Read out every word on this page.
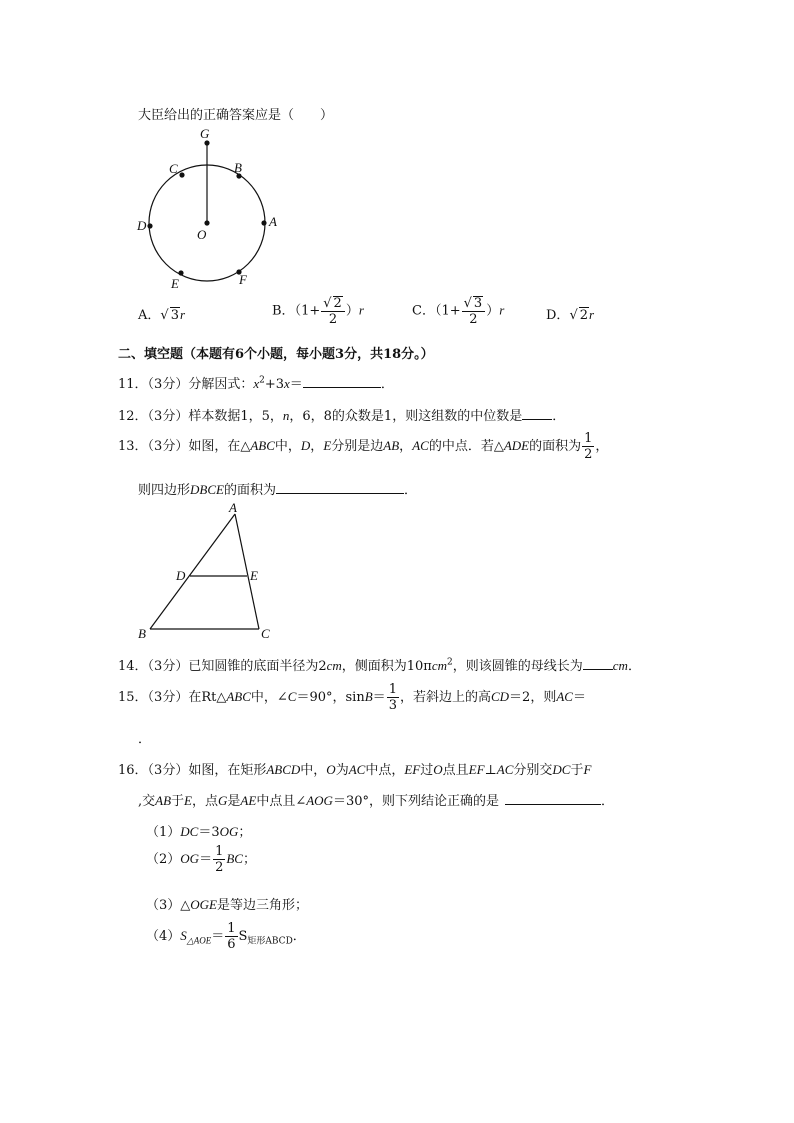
大臣给出的正确答案应是（　　）
G
C	B
D	A
O
E	F
A．√ 3r	B．$(1+ \frac{√ 2}{2} )r$	C．$(1+ \frac{√ 3}{2} )r$	D．√ 2r
二、填空题（本题有6个小题，每小题3分，共18分。）
11．（3分）分解因式：$x^2+3x=$	．
12．（3分）样本数据1，5，n，6，8的众数是1，则这组数的中位数是 ．
13．（3分）如图，在△ABC中，D，E分别是边AB，AC的中点．若△ADE的面积为 $\frac{1}{2}$ ，
则四边形DBCE的面积为	．
A
D	E
B	C
14．（3分）已知圆锥的底面半径为2cm，侧面积为10πcm$^2$，则该圆锥的母线长为 cm．
15．（3分）在Rt△ABC中，∠C＝90°，$\sin B= \frac{1}{3}$ ，若斜边上的高CD＝2，则AC＝
．
16．（3分）如图，在矩形ABCD中，O为AC中点，EF过O点且EF⊥AC分别交DC于F
,交AB于E，点G是AE中点且∠AOG＝30°，则下列结论正确的是	．
（1）DC＝3OG；
$(2)OG= \frac{1}{2}$ BC；
（3）△OGE是等边三角形；
$(4)S_{\triangle AOE}= \frac{1}{6} S_{矩形ABCD}$．
